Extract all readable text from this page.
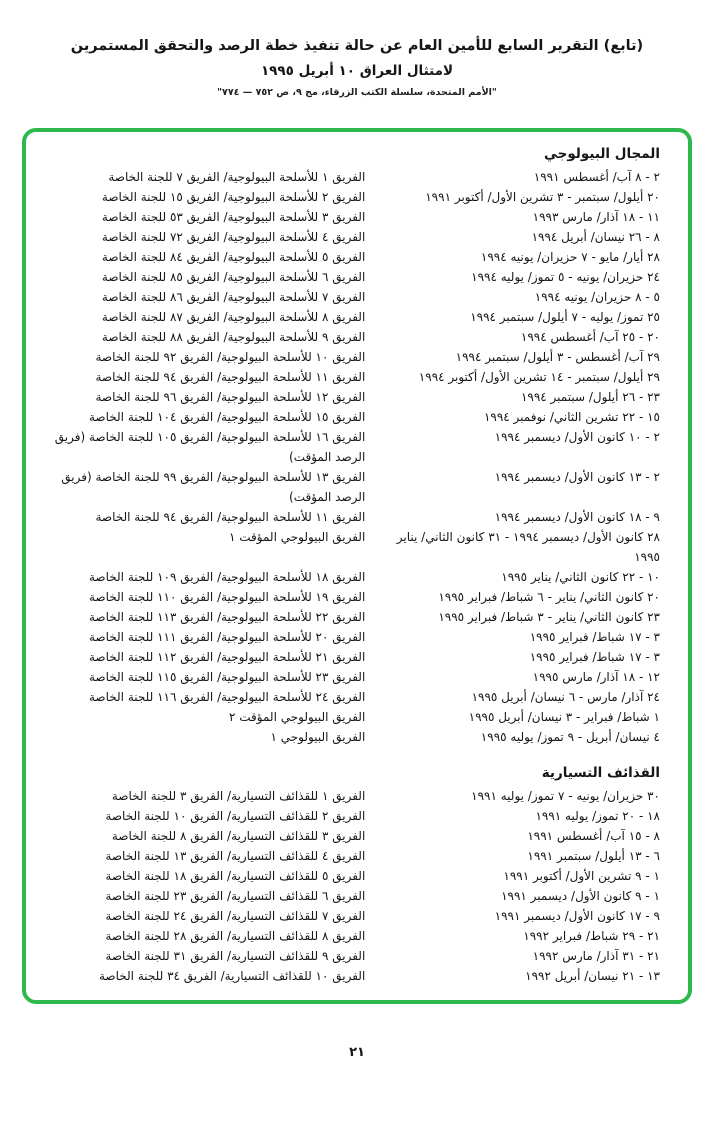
(تابع) التقرير السابع للأمين العام عن حالة تنفيذ خطة الرصد والتحقق المستمرين
لامتثال العراق ١٠ أبريل ١٩٩٥
"الأمم المتحدة، سلسلة الكتب الزرقاء، مج ٩، ص ٧٥٢ — ٧٧٤"
المجال البيولوجي
٢ - ٨ آب/ أغسطس ١٩٩١
الفريق ١ للأسلحة البيولوجية/ الفريق ٧ للجنة الخاصة
٢٠ أيلول/ سبتمبر - ٣ تشرين الأول/ أكتوبر ١٩٩١
الفريق ٢ للأسلحة البيولوجية/ الفريق ١٥ للجنة الخاصة
١١ - ١٨ آذار/ مارس ١٩٩٣
الفريق ٣ للأسلحة البيولوجية/ الفريق ٥٣ للجنة الخاصة
٨ - ٢٦ نيسان/ أبريل ١٩٩٤
الفريق ٤ للأسلحة البيولوجية/ الفريق ٧٢ للجنة الخاصة
٢٨ أيار/ مايو - ٧ حزيران/ يونيه ١٩٩٤
الفريق ٥ للأسلحة البيولوجية/ الفريق ٨٤ للجنة الخاصة
٢٤ حزيران/ يونيه - ٥ تموز/ يوليه ١٩٩٤
الفريق ٦ للأسلحة البيولوجية/ الفريق ٨٥ للجنة الخاصة
٥ - ٨ حزيران/ يونيه ١٩٩٤
الفريق ٧ للأسلحة البيولوجية/ الفريق ٨٦ للجنة الخاصة
٢٥ تموز/ يوليه - ٧ أيلول/ سبتمبر ١٩٩٤
الفريق ٨ للأسلحة البيولوجية/ الفريق ٨٧ للجنة الخاصة
٢٠ - ٢٥ آب/ أغسطس ١٩٩٤
الفريق ٩ للأسلحة البيولوجية/ الفريق ٨٨ للجنة الخاصة
٢٩ آب/ أغسطس - ٣ أيلول/ سبتمبر ١٩٩٤
الفريق ١٠ للأسلحة البيولوجية/ الفريق ٩٢ للجنة الخاصة
٢٩ أيلول/ سبتمبر - ١٤ تشرين الأول/ أكتوبر ١٩٩٤
الفريق ١١ للأسلحة البيولوجية/ الفريق ٩٤ للجنة الخاصة
٢٣ - ٢٦ أيلول/ سبتمبر ١٩٩٤
الفريق ١٢ للأسلحة البيولوجية/ الفريق ٩٦ للجنة الخاصة
١٥ - ٢٢ تشرين الثاني/ نوفمبر ١٩٩٤
الفريق ١٥ للأسلحة البيولوجية/ الفريق ١٠٤ للجنة الخاصة
٢ - ١٠ كانون الأول/ ديسمبر ١٩٩٤
الفريق ١٦ للأسلحة البيولوجية/ الفريق ١٠٥ للجنة الخاصة (فريق الرصد المؤقت)
٢ - ١٣ كانون الأول/ ديسمبر ١٩٩٤
الفريق ١٣ للأسلحة البيولوجية/ الفريق ٩٩ للجنة الخاصة (فريق الرصد المؤقت)
٩ - ١٨ كانون الأول/ ديسمبر ١٩٩٤
الفريق ١١ للأسلحة البيولوجية/ الفريق ٩٤ للجنة الخاصة
٢٨ كانون الأول/ ديسمبر ١٩٩٤ - ٣١ كانون الثاني/ يناير ١٩٩٥
الفريق البيولوجي المؤقت ١
١٠ - ٢٢ كانون الثاني/ يناير ١٩٩٥
الفريق ١٨ للأسلحة البيولوجية/ الفريق ١٠٩ للجنة الخاصة
٢٠ كانون الثاني/ يناير - ٦ شباط/ فبراير ١٩٩٥
الفريق ١٩ للأسلحة البيولوجية/ الفريق ١١٠ للجنة الخاصة
٢٣ كانون الثاني/ يناير - ٣ شباط/ فبراير ١٩٩٥
الفريق ٢٢ للأسلحة البيولوجية/ الفريق ١١٣ للجنة الخاصة
٣ - ١٧ شباط/ فبراير ١٩٩٥
الفريق ٢٠ للأسلحة البيولوجية/ الفريق ١١١ للجنة الخاصة
٣ - ١٧ شباط/ فبراير ١٩٩٥
الفريق ٢١ للأسلحة البيولوجية/ الفريق ١١٢ للجنة الخاصة
١٢ - ١٨ آذار/ مارس ١٩٩٥
الفريق ٢٣ للأسلحة البيولوجية/ الفريق ١١٥ للجنة الخاصة
٢٤ آذار/ مارس - ٦ نيسان/ أبريل ١٩٩٥
الفريق ٢٤ للأسلحة البيولوجية/ الفريق ١١٦ للجنة الخاصة
١ شباط/ فبراير - ٣ نيسان/ أبريل ١٩٩٥
الفريق البيولوجي المؤقت ٢
٤ نيسان/ أبريل - ٩ تموز/ يوليه ١٩٩٥
الفريق البيولوجي ١
القذائف التسيارية
٣٠ حزيران/ يونيه - ٧ تموز/ يوليه ١٩٩١
الفريق ١ للقذائف التسيارية/ الفريق ٣ للجنة الخاصة
١٨ - ٢٠ تموز/ يوليه ١٩٩١
الفريق ٢ للقذائف التسيارية/ الفريق ١٠ للجنة الخاصة
٨ - ١٥ آب/ أغسطس ١٩٩١
الفريق ٣ للقذائف التسيارية/ الفريق ٨ للجنة الخاصة
٦ - ١٣ أيلول/ سبتمبر ١٩٩١
الفريق ٤ للقذائف التسيارية/ الفريق ١٣ للجنة الخاصة
١ - ٩ تشرين الأول/ أكتوبر ١٩٩١
الفريق ٥ للقذائف التسيارية/ الفريق ١٨ للجنة الخاصة
١ - ٩ كانون الأول/ ديسمبر ١٩٩١
الفريق ٦ للقذائف التسيارية/ الفريق ٢٣ للجنة الخاصة
٩ - ١٧ كانون الأول/ ديسمبر ١٩٩١
الفريق ٧ للقذائف التسيارية/ الفريق ٢٤ للجنة الخاصة
٢١ - ٢٩ شباط/ فبراير ١٩٩٢
الفريق ٨ للقذائف التسيارية/ الفريق ٢٨ للجنة الخاصة
٢١ - ٣١ آذار/ مارس ١٩٩٢
الفريق ٩ للقذائف التسيارية/ الفريق ٣١ للجنة الخاصة
١٣ - ٢١ نيسان/ أبريل ١٩٩٢
الفريق ١٠ للقذائف التسيارية/ الفريق ٣٤ للجنة الخاصة
٢١
